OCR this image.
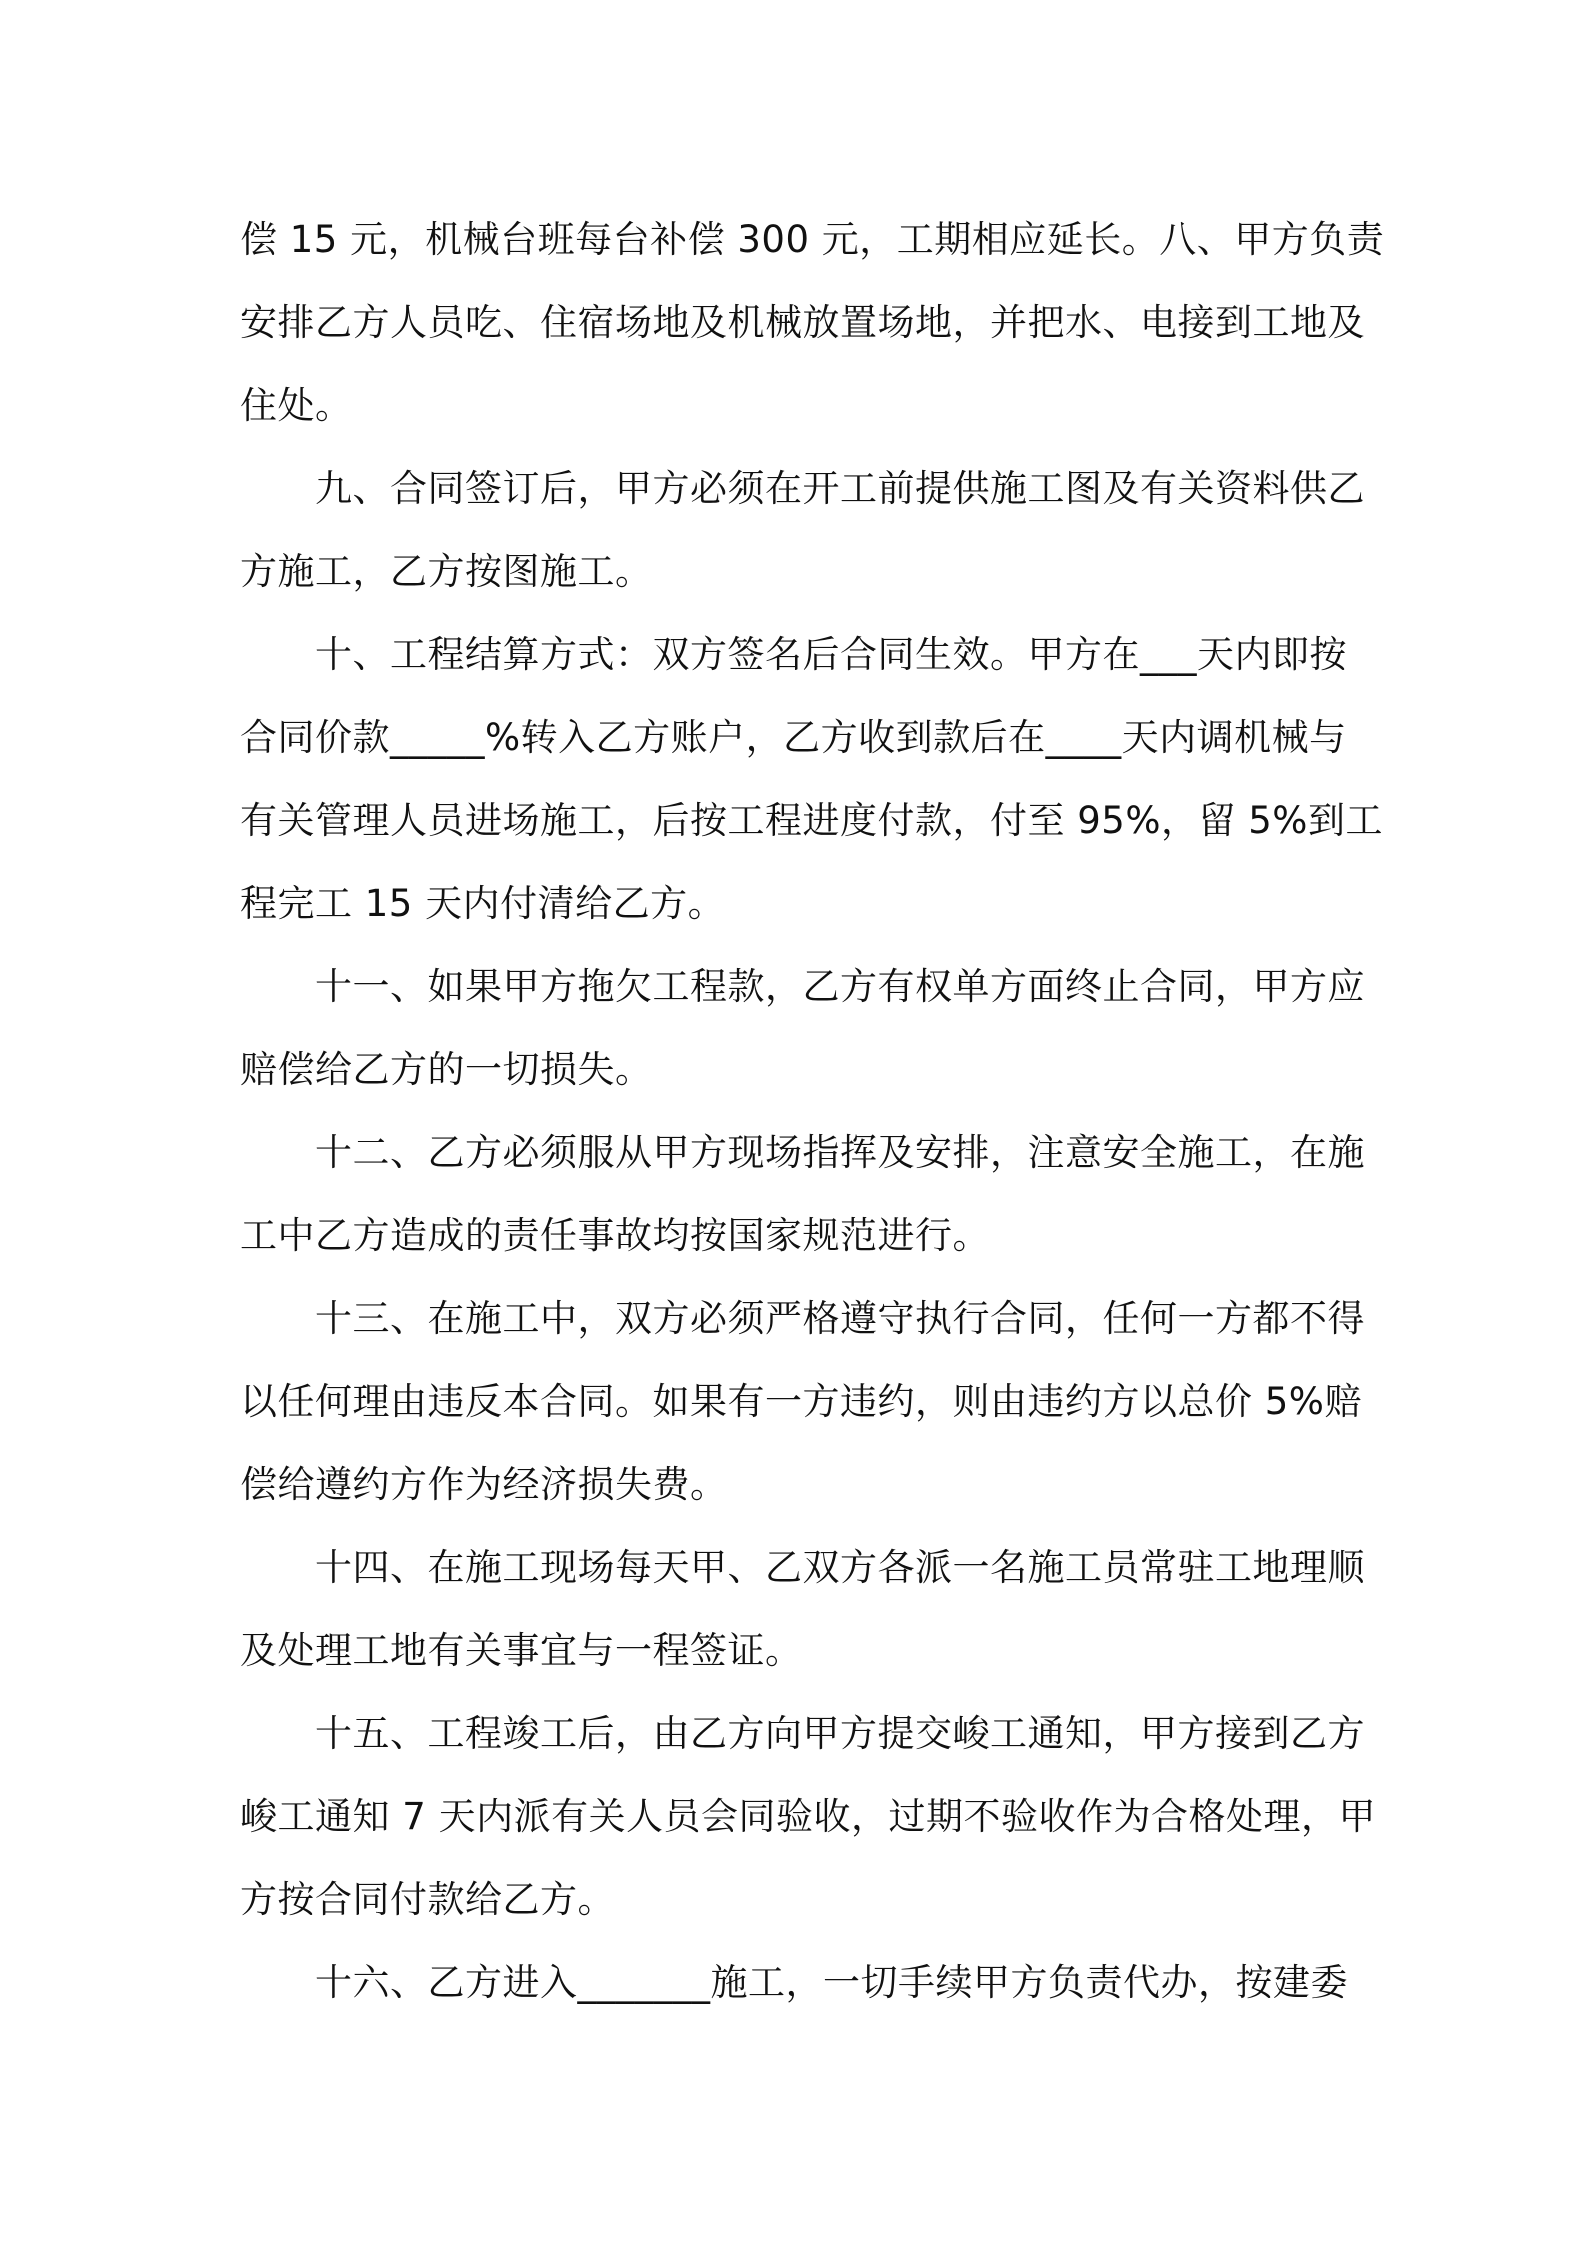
偿 15 元，机械台班每台补偿 300 元，工期相应延长。八、甲方负责
安排乙方人员吃、住宿场地及机械放置场地，并把水、电接到工地及
住处。
九、合同签订后，甲方必须在开工前提供施工图及有关资料供乙
方施工，乙方按图施工。
十、工程结算方式：双方签名后合同生效。甲方在___天内即按
合同价款_____%转入乙方账户，乙方收到款后在____天内调机械与
有关管理人员进场施工，后按工程进度付款，付至 95%，留 5%到工
程完工 15 天内付清给乙方。
十一、如果甲方拖欠工程款，乙方有权单方面终止合同，甲方应
赔偿给乙方的一切损失。
十二、乙方必须服从甲方现场指挥及安排，注意安全施工，在施
工中乙方造成的责任事故均按国家规范进行。
十三、在施工中，双方必须严格遵守执行合同，任何一方都不得
以任何理由违反本合同。如果有一方违约，则由违约方以总价 5%赔
偿给遵约方作为经济损失费。
十四、在施工现场每天甲、乙双方各派一名施工员常驻工地理顺
及处理工地有关事宜与一程签证。
十五、工程竣工后，由乙方向甲方提交峻工通知，甲方接到乙方
峻工通知 7 天内派有关人员会同验收，过期不验收作为合格处理，甲
方按合同付款给乙方。
十六、乙方进入_______施工，一切手续甲方负责代办，按建委
